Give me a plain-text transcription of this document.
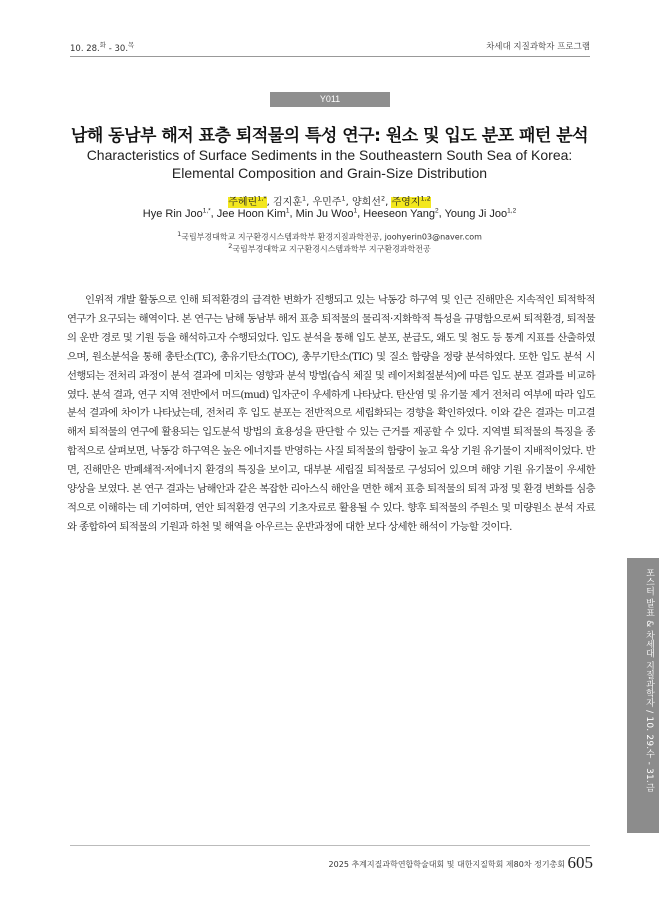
10. 28.$^화$ - 30.$^목$	차세대 지질과학자 프로그램
Y011
남해 동남부 해저 표층 퇴적물의 특성 연구: 원소 및 입도 분포 패턴 분석
Characteristics of Surface Sediments in the Southeastern South Sea of Korea:
Elemental Composition and Grain-Size Distribution
주혜린$^{1,*}$, 김지훈$^1$, 우민주$^1$, 양희선$^2$, 주영지$^{1,2}$
Hye Rin Joo$^{1,*}$, Jee Hoon Kim$^1$, Min Ju Woo$^1$, Heeseon Yang$^2$, Young Ji Joo$^{1,2}$
$^1$국립부경대학교 지구환경시스템과학부 환경지질과학전공, joohyerin03@naver.com
$^2$국립부경대학교 지구환경시스템과학부 지구환경과학전공

인위적 개발 활동으로 인해 퇴적환경의 급격한 변화가 진행되고 있는 낙동강 하구역 및 인근 진해만은 지속적인 퇴적학적 연구가 요구되는 해역이다. 본 연구는 남해 동남부 해저 표층 퇴적물의 물리적·지화학적 특성을 규명함으로써 퇴적환경, 퇴적물의 운반 경로 및 기원 등을 해석하고자 수행되었다. 입도 분석을 통해 입도 분포, 분급도, 왜도 및 첨도 등 통계 지표를 산출하였으며, 원소분석을 통해 총탄소(TC), 총유기탄소(TOC), 총무기탄소(TIC) 및 질소 함량을 정량 분석하였다. 또한 입도 분석 시 선행되는 전처리 과정이 분석 결과에 미치는 영향과 분석 방법(습식 체질 및 레이저회절분석)에 따른 입도 분포 결과를 비교하였다. 분석 결과, 연구 지역 전반에서 머드(mud) 입자군이 우세하게 나타났다. 탄산염 및 유기물 제거 전처리 여부에 따라 입도분석 결과에 차이가 나타났는데, 전처리 후 입도 분포는 전반적으로 세립화되는 경향을 확인하였다. 이와 같은 결과는 미고결 해저 퇴적물의 연구에 활용되는 입도분석 방법의 효용성을 판단할 수 있는 근거를 제공할 수 있다. 지역별 퇴적물의 특징을 종합적으로 살펴보면, 낙동강 하구역은 높은 에너지를 반영하는 사질 퇴적물의 함량이 높고 육상 기원 유기물이 지배적이었다. 반면, 진해만은 반폐쇄적·저에너지 환경의 특징을 보이고, 대부분 세립질 퇴적물로 구성되어 있으며 해양 기원 유기물이 우세한 양상을 보였다. 본 연구 결과는 남해안과 같은 복잡한 리아스식 해안을 면한 해저 표층 퇴적물의 퇴적 과정 및 환경 변화를 심층적으로 이해하는 데 기여하며, 연안 퇴적환경 연구의 기초자료로 활용될 수 있다. 향후 퇴적물의 주원소 및 미량원소 분석 자료와 종합하여 퇴적물의 기원과 하천 및 해역을 아우르는 운반과정에 대한 보다 상세한 해석이 가능할 것이다.

포스터 발표 & 차세대 지질과학자 / 10. 29.수 - 31.금
2025 추계지질과학연합학술대회 및 대한지질학회 제80차 정기총회 605
